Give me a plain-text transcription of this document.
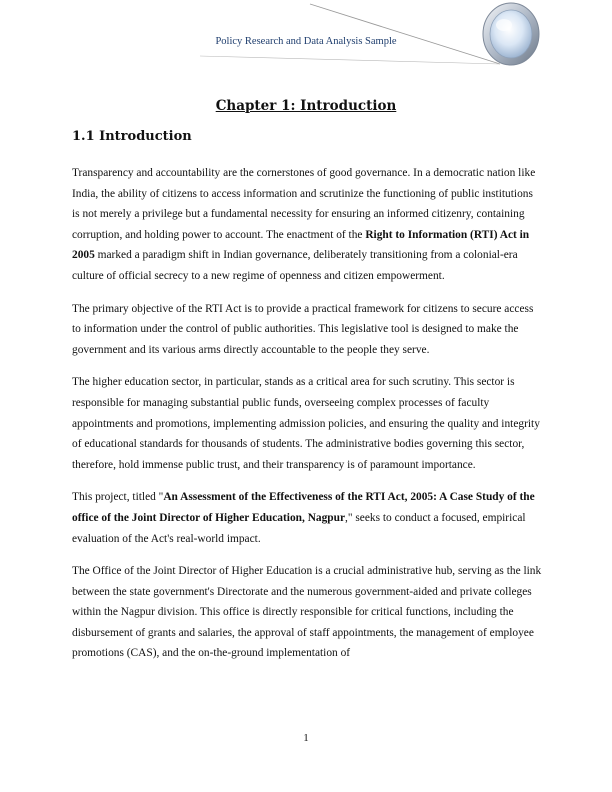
Policy Research and Data Analysis Sample
Chapter 1: Introduction
1.1 Introduction

Transparency and accountability are the cornerstones of good governance. In a democratic nation like India, the ability of citizens to access information and scrutinize the functioning of public institutions is not merely a privilege but a fundamental necessity for ensuring an informed citizenry, containing corruption, and holding power to account. The enactment of the Right to Information (RTI) Act in 2005 marked a paradigm shift in Indian governance, deliberately transitioning from a colonial-era culture of official secrecy to a new regime of openness and citizen empowerment.

The primary objective of the RTI Act is to provide a practical framework for citizens to secure access to information under the control of public authorities. This legislative tool is designed to make the government and its various arms directly accountable to the people they serve.

The higher education sector, in particular, stands as a critical area for such scrutiny. This sector is responsible for managing substantial public funds, overseeing complex processes of faculty appointments and promotions, implementing admission policies, and ensuring the quality and integrity of educational standards for thousands of students. The administrative bodies governing this sector, therefore, hold immense public trust, and their transparency is of paramount importance.

This project, titled "An Assessment of the Effectiveness of the RTI Act, 2005: A Case Study of the office of the Joint Director of Higher Education, Nagpur," seeks to conduct a focused, empirical evaluation of the Act's real-world impact.

The Office of the Joint Director of Higher Education is a crucial administrative hub, serving as the link between the state government's Directorate and the numerous government-aided and private colleges within the Nagpur division. This office is directly responsible for critical functions, including the disbursement of grants and salaries, the approval of staff appointments, the management of employee promotions (CAS), and the on-the-ground implementation of

1
